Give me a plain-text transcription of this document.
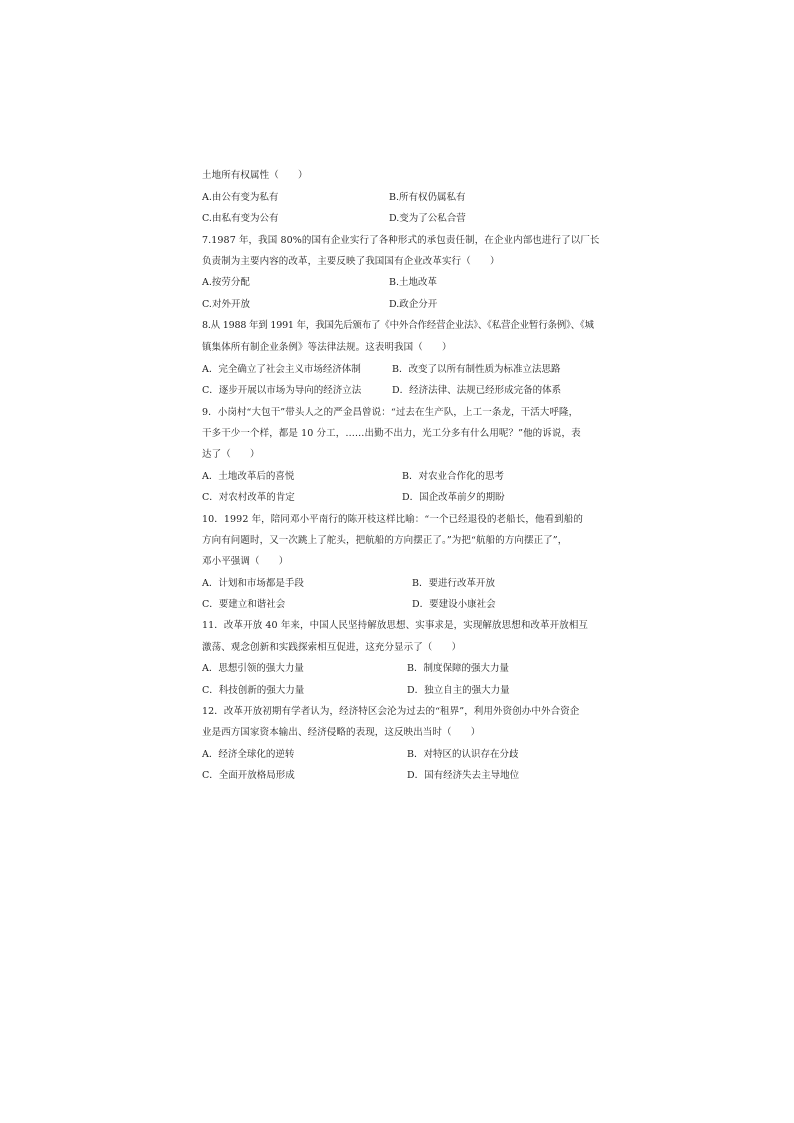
土地所有权属性（　　）
A.由公有变为私有	B.所有权仍属私有
C.由私有变为公有	D.变为了公私合营
7.1987 年，我国 80%的国有企业实行了各种形式的承包责任制，在企业内部也进行了以厂长
负责制为主要内容的改革，主要反映了我国国有企业改革实行（　　）
A.按劳分配	B.土地改革
C.对外开放	D.政企分开
8.从 1988 年到 1991 年，我国先后颁布了《中外合作经营企业法》、《私营企业暂行条例》、《城
镇集体所有制企业条例》等法律法规。这表明我国（　　）
C．逐步开展以市场为导向的经济立法
B．改变了以所有制性质为标准立法思路
A．完全确立了社会主义市场经济体制
D．经济法律、法规已经形成完备的体系
9．小岗村“大包干”带头人之的严金昌曾说：“过去在生产队，上工一条龙，干活大呼隆，
干多干少一个样，都是 10 分工，……出勤不出力，光工分多有什么用呢？”他的诉说，表
达了（　　）
A．土地改革后的喜悦	B．对农业合作化的思考
C．对农村改革的肯定	D．国企改革前夕的期盼
10．1992 年，陪同邓小平南行的陈开枝这样比喻：“一个已经退役的老船长，他看到船的
方向有问题时，又一次跳上了舵头，把航船的方向摆正了。”为把“航船的方向摆正了”，
邓小平强调（　　）
A．计划和市场都是手段	B．要进行改革开放
C．要建立和谐社会	D．要建设小康社会
11．改革开放 40 年来，中国人民坚持解放思想、实事求是，实现解放思想和改革开放相互
激荡、观念创新和实践探索相互促进，这充分显示了（　　）
A．思想引领的强大力量	B．制度保障的强大力量
C．科技创新的强大力量	D．独立自主的强大力量
12．改革开放初期有学者认为，经济特区会沦为过去的“租界”，利用外资创办中外合资企
业是西方国家资本输出、经济侵略的表现，这反映出当时（　　）
A．经济全球化的逆转	B．对特区的认识存在分歧
C．全面开放格局形成	D．国有经济失去主导地位
